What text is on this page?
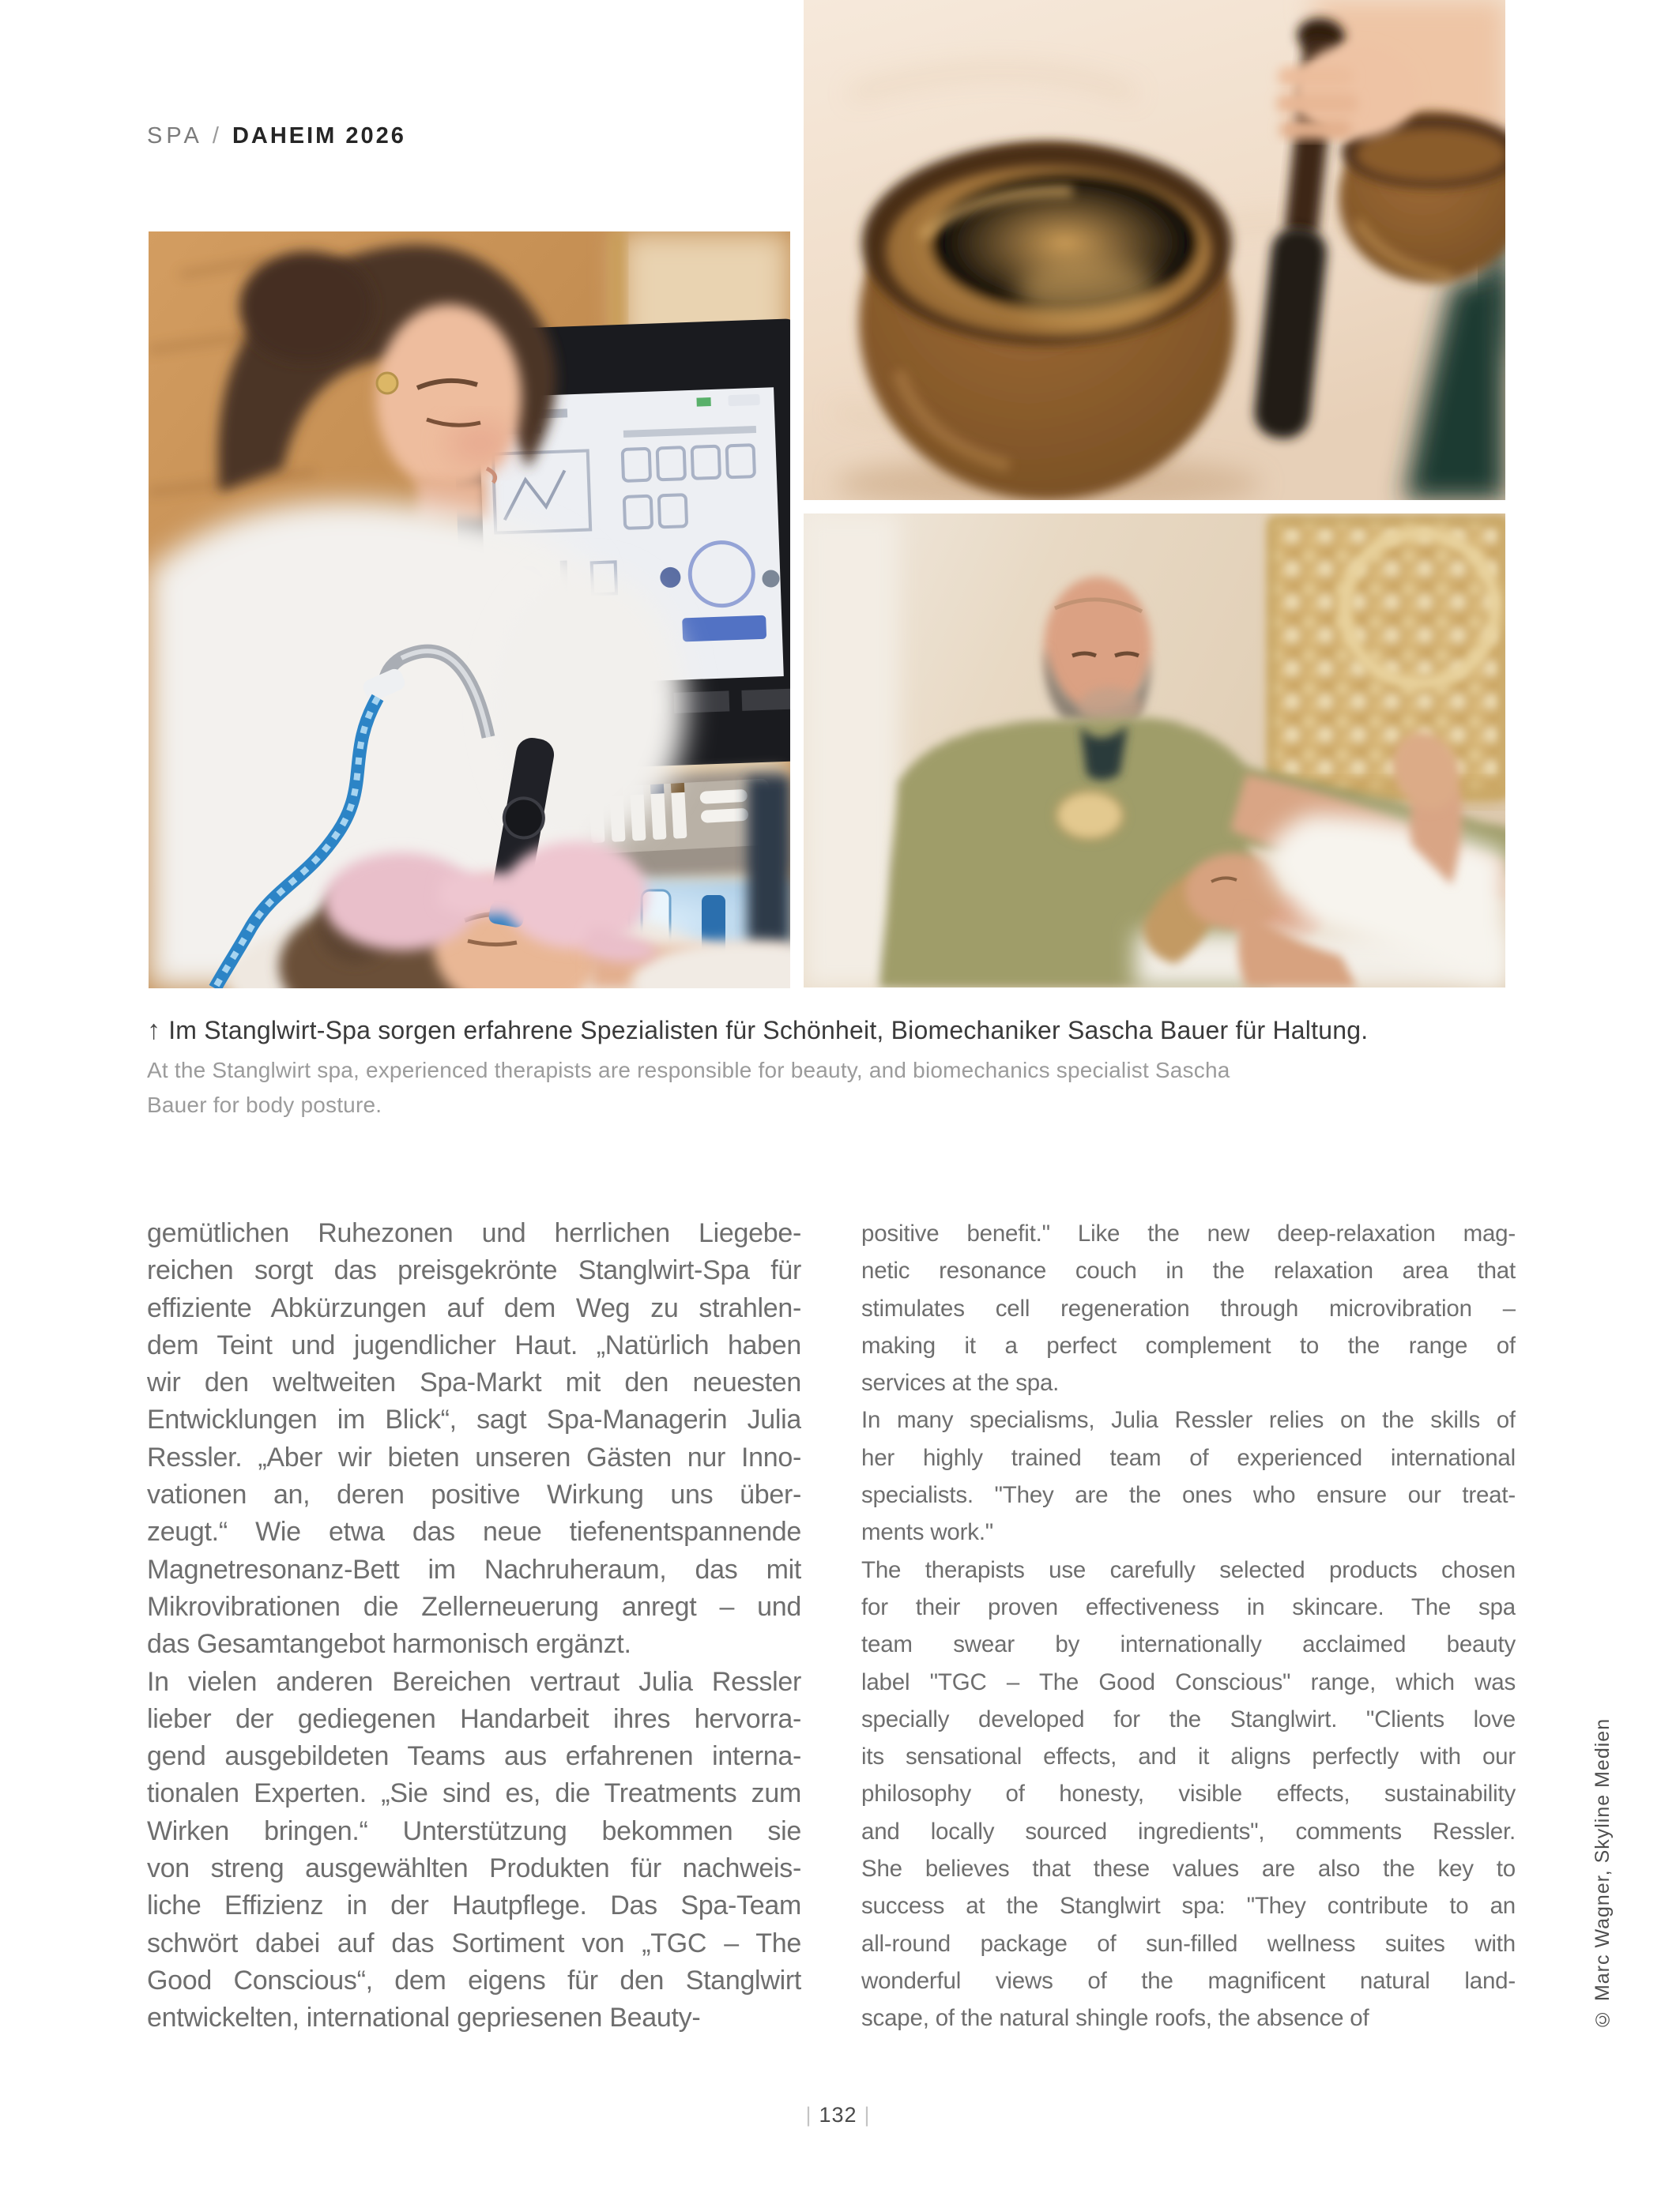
SPA / DAHEIM 2026
↑ Im Stanglwirt-Spa sorgen erfahrene Spezialisten für Schönheit, Biomechaniker Sascha Bauer für Haltung.
At the Stanglwirt spa, experienced therapists are responsible for beauty, and biomechanics specialist Sascha Bauer for body posture.
gemütlichen Ruhezonen und herrlichen Liegebe-
reichen sorgt das preisgekrönte Stanglwirt-Spa für
effiziente Abkürzungen auf dem Weg zu strahlen-
dem Teint und jugendlicher Haut. „Natürlich haben
wir den weltweiten Spa-Markt mit den neuesten
Entwicklungen im Blick“, sagt Spa-Managerin Julia
Ressler. „Aber wir bieten unseren Gästen nur Inno-
vationen an, deren positive Wirkung uns über-
zeugt.“ Wie etwa das neue tiefenentspannende
Magnetresonanz-Bett im Nachruheraum, das mit
Mikrovibrationen die Zellerneuerung anregt – und
das Gesamtangebot harmonisch ergänzt.
In vielen anderen Bereichen vertraut Julia Ressler
lieber der gediegenen Handarbeit ihres hervorra-
gend ausgebildeten Teams aus erfahrenen interna-
tionalen Experten. „Sie sind es, die Treatments zum
Wirken bringen.“ Unterstützung bekommen sie
von streng ausgewählten Produkten für nachweis-
liche Effizienz in der Hautpflege. Das Spa-Team
schwört dabei auf das Sortiment von „TGC – The
Good Conscious“, dem eigens für den Stanglwirt
entwickelten, international gepriesenen Beauty-
positive benefit." Like the new deep-relaxation mag-
netic resonance couch in the relaxation area that
stimulates cell regeneration through microvibration –
making it a perfect complement to the range of
services at the spa.
In many specialisms, Julia Ressler relies on the skills of
her highly trained team of experienced international
specialists. "They are the ones who ensure our treat-
ments work."
The therapists use carefully selected products chosen
for their proven effectiveness in skincare. The spa
team swear by internationally acclaimed beauty
label "TGC – The Good Conscious" range, which was
specially developed for the Stanglwirt. "Clients love
its sensational effects, and it aligns perfectly with our
philosophy of honesty, visible effects, sustainability
and locally sourced ingredients", comments Ressler.
She believes that these values are also the key to
success at the Stanglwirt spa: "They contribute to an
all-round package of sun-filled wellness suites with
wonderful views of the magnificent natural land-
scape, of the natural shingle roofs, the absence of	© Marc Wagner, Skyline Medien
| 132 |
